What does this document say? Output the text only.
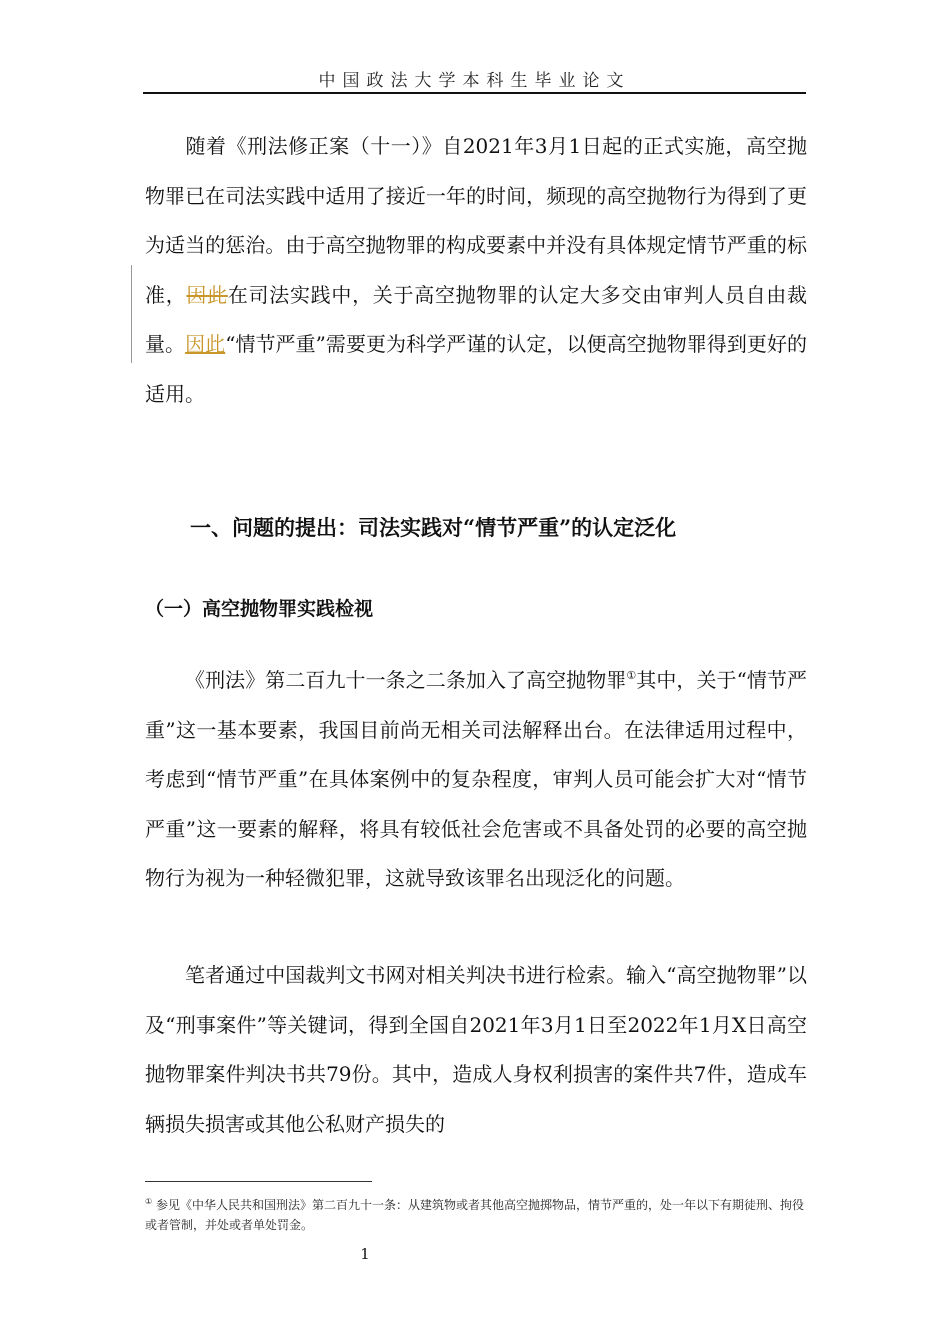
中国政法大学本科生毕业论文

随着《刑法修正案（十一）》自2021年3月1日起的正式实施，高空抛物罪已在司法实践中适用了接近一年的时间，频现的高空抛物行为得到了更为适当的惩治。由于高空抛物罪的构成要素中并没有具体规定情节严重的标准，因此在司法实践中，关于高空抛物罪的认定大多交由审判人员自由裁量。因此“情节严重”需要更为科学严谨的认定，以便高空抛物罪得到更好的适用。

一、问题的提出：司法实践对“情节严重”的认定泛化
（一）高空抛物罪实践检视

《刑法》第二百九十一条之二条加入了高空抛物罪①其中，关于“情节严重”这一基本要素，我国目前尚无相关司法解释出台。在法律适用过程中， 考虑到“情节严重”在具体案例中的复杂程度，审判人员可能会扩大对“情节严重”这一要素的解释，将具有较低社会危害或不具备处罚的必要的高空抛物行为视为一种轻微犯罪，这就导致该罪名出现泛化的问题。

笔者通过中国裁判文书网对相关判决书进行检索。输入“高空抛物罪”以及“刑事案件”等关键词，得到全国自2021年3月1日至2022年1月X日高空抛物罪案件判决书共79份。其中，造成人身权利损害的案件共7件，造成车辆损失损害或其他公私财产损失的

① 参见《中华人民共和国刑法》第二百九十一条：从建筑物或者其他高空抛掷物品，情节严重的，处一年以下有期徒刑、拘役或者管制，并处或者单处罚金。

1
